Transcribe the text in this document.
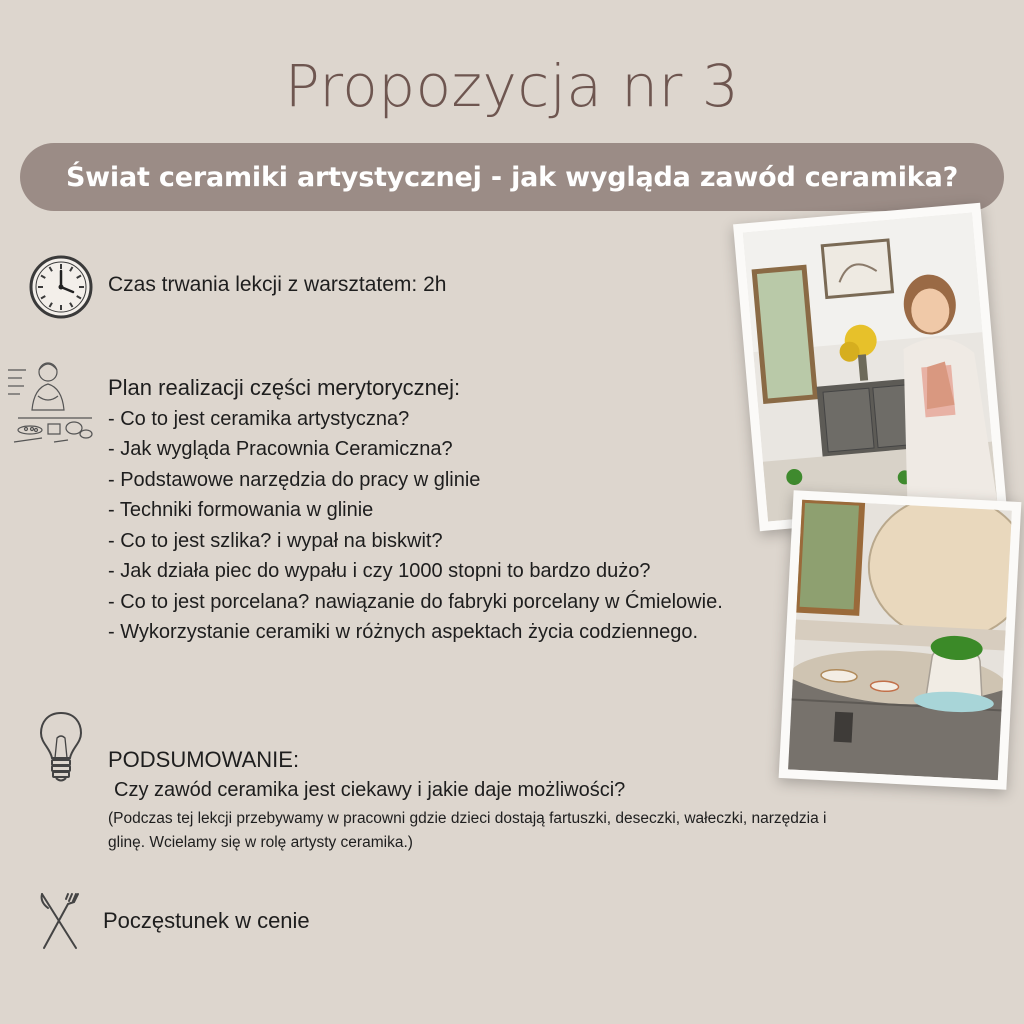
Propozycja nr 3
Świat ceramiki artystycznej - jak wygląda zawód ceramika?
Czas trwania lekcji z warsztatem: 2h
Plan realizacji części merytorycznej:
- Co to jest ceramika artystyczna?
- Jak wygląda Pracownia Ceramiczna?
- Podstawowe narzędzia do pracy w glinie
- Techniki formowania w glinie
- Co to jest szlika? i wypał na biskwit?
- Jak działa piec do wypału i czy 1000 stopni to bardzo dużo?
- Co to jest porcelana? nawiązanie do fabryki porcelany w Ćmielowie.
- Wykorzystanie ceramiki w różnych aspektach życia codziennego.
PODSUMOWANIE:
Czy zawód ceramika jest ciekawy i jakie daje możliwości?
(Podczas tej lekcji przebywamy w pracowni gdzie dzieci dostają fartuszki, deseczki, wałeczki, narzędzia i glinę. Wcielamy się w rolę artysty ceramika.)
Poczęstunek w cenie
